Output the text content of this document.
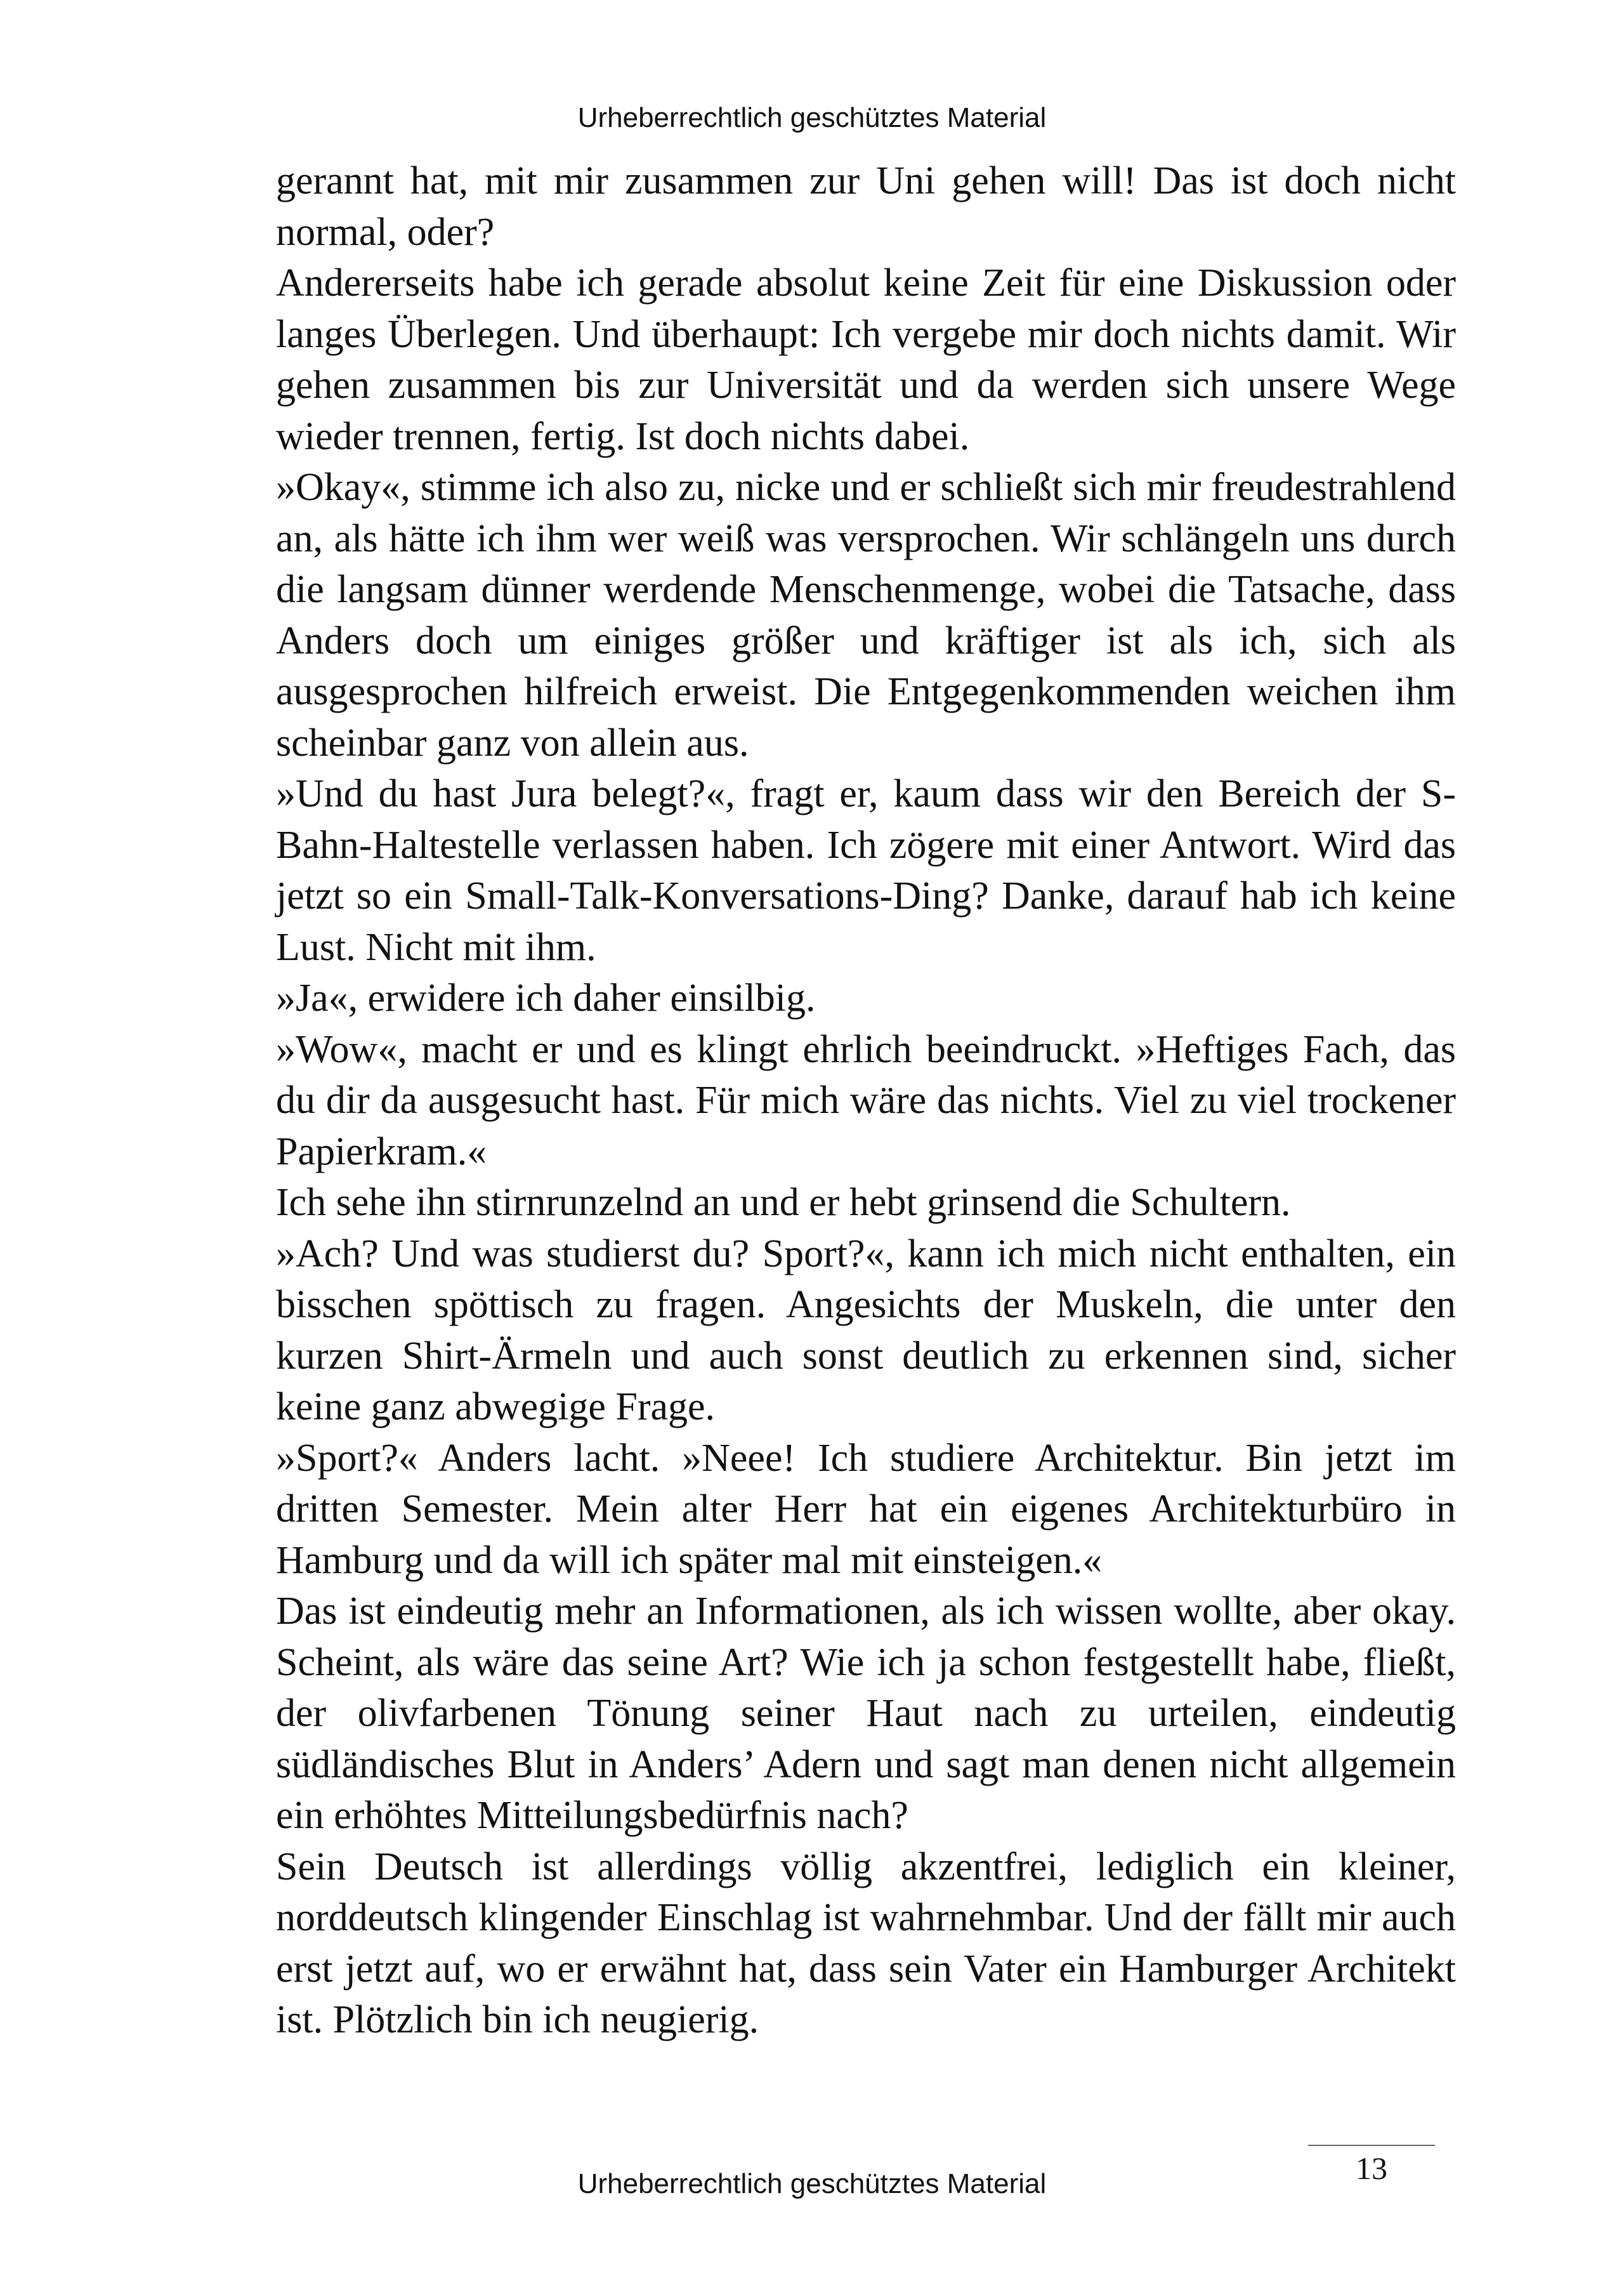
Urheberrechtlich geschütztes Material

gerannt hat, mit mir zusammen zur Uni gehen will! Das ist doch nicht normal, oder?

Andererseits habe ich gerade absolut keine Zeit für eine Diskussion oder langes Überlegen. Und überhaupt: Ich vergebe mir doch nichts damit. Wir gehen zusammen bis zur Universität und da werden sich unsere Wege wieder trennen, fertig. Ist doch nichts dabei.

»Okay«, stimme ich also zu, nicke und er schließt sich mir freudestrahlend an, als hätte ich ihm wer weiß was versprochen. Wir schlängeln uns durch die langsam dünner werdende Menschenmenge, wobei die Tatsache, dass Anders doch um einiges größer und kräftiger ist als ich, sich als ausgesprochen hilfreich erweist. Die Entgegenkommenden weichen ihm scheinbar ganz von allein aus.

»Und du hast Jura belegt?«, fragt er, kaum dass wir den Bereich der S-Bahn-Haltestelle verlassen haben. Ich zögere mit einer Antwort. Wird das jetzt so ein Small-Talk-Konversations-Ding? Danke, darauf hab ich keine Lust. Nicht mit ihm.

»Ja«, erwidere ich daher einsilbig.

»Wow«, macht er und es klingt ehrlich beeindruckt. »Heftiges Fach, das du dir da ausgesucht hast. Für mich wäre das nichts. Viel zu viel trockener Papierkram.«

Ich sehe ihn stirnrunzelnd an und er hebt grinsend die Schultern.

»Ach? Und was studierst du? Sport?«, kann ich mich nicht enthalten, ein bisschen spöttisch zu fragen. Angesichts der Muskeln, die unter den kurzen Shirt-Ärmeln und auch sonst deutlich zu erkennen sind, sicher keine ganz abwegige Frage.

»Sport?« Anders lacht. »Neee! Ich studiere Architektur. Bin jetzt im dritten Semester. Mein alter Herr hat ein eigenes Architekturbüro in Hamburg und da will ich später mal mit einsteigen.«

Das ist eindeutig mehr an Informationen, als ich wissen wollte, aber okay. Scheint, als wäre das seine Art? Wie ich ja schon festgestellt habe, fließt, der olivfarbenen Tönung seiner Haut nach zu urteilen, eindeutig südländisches Blut in Anders’ Adern und sagt man denen nicht allgemein ein erhöhtes Mitteilungsbedürfnis nach?

Sein Deutsch ist allerdings völlig akzentfrei, lediglich ein kleiner, norddeutsch klingender Einschlag ist wahrnehmbar. Und der fällt mir auch erst jetzt auf, wo er erwähnt hat, dass sein Vater ein Hamburger Architekt ist. Plötzlich bin ich neugierig.

13
Urheberrechtlich geschütztes Material
